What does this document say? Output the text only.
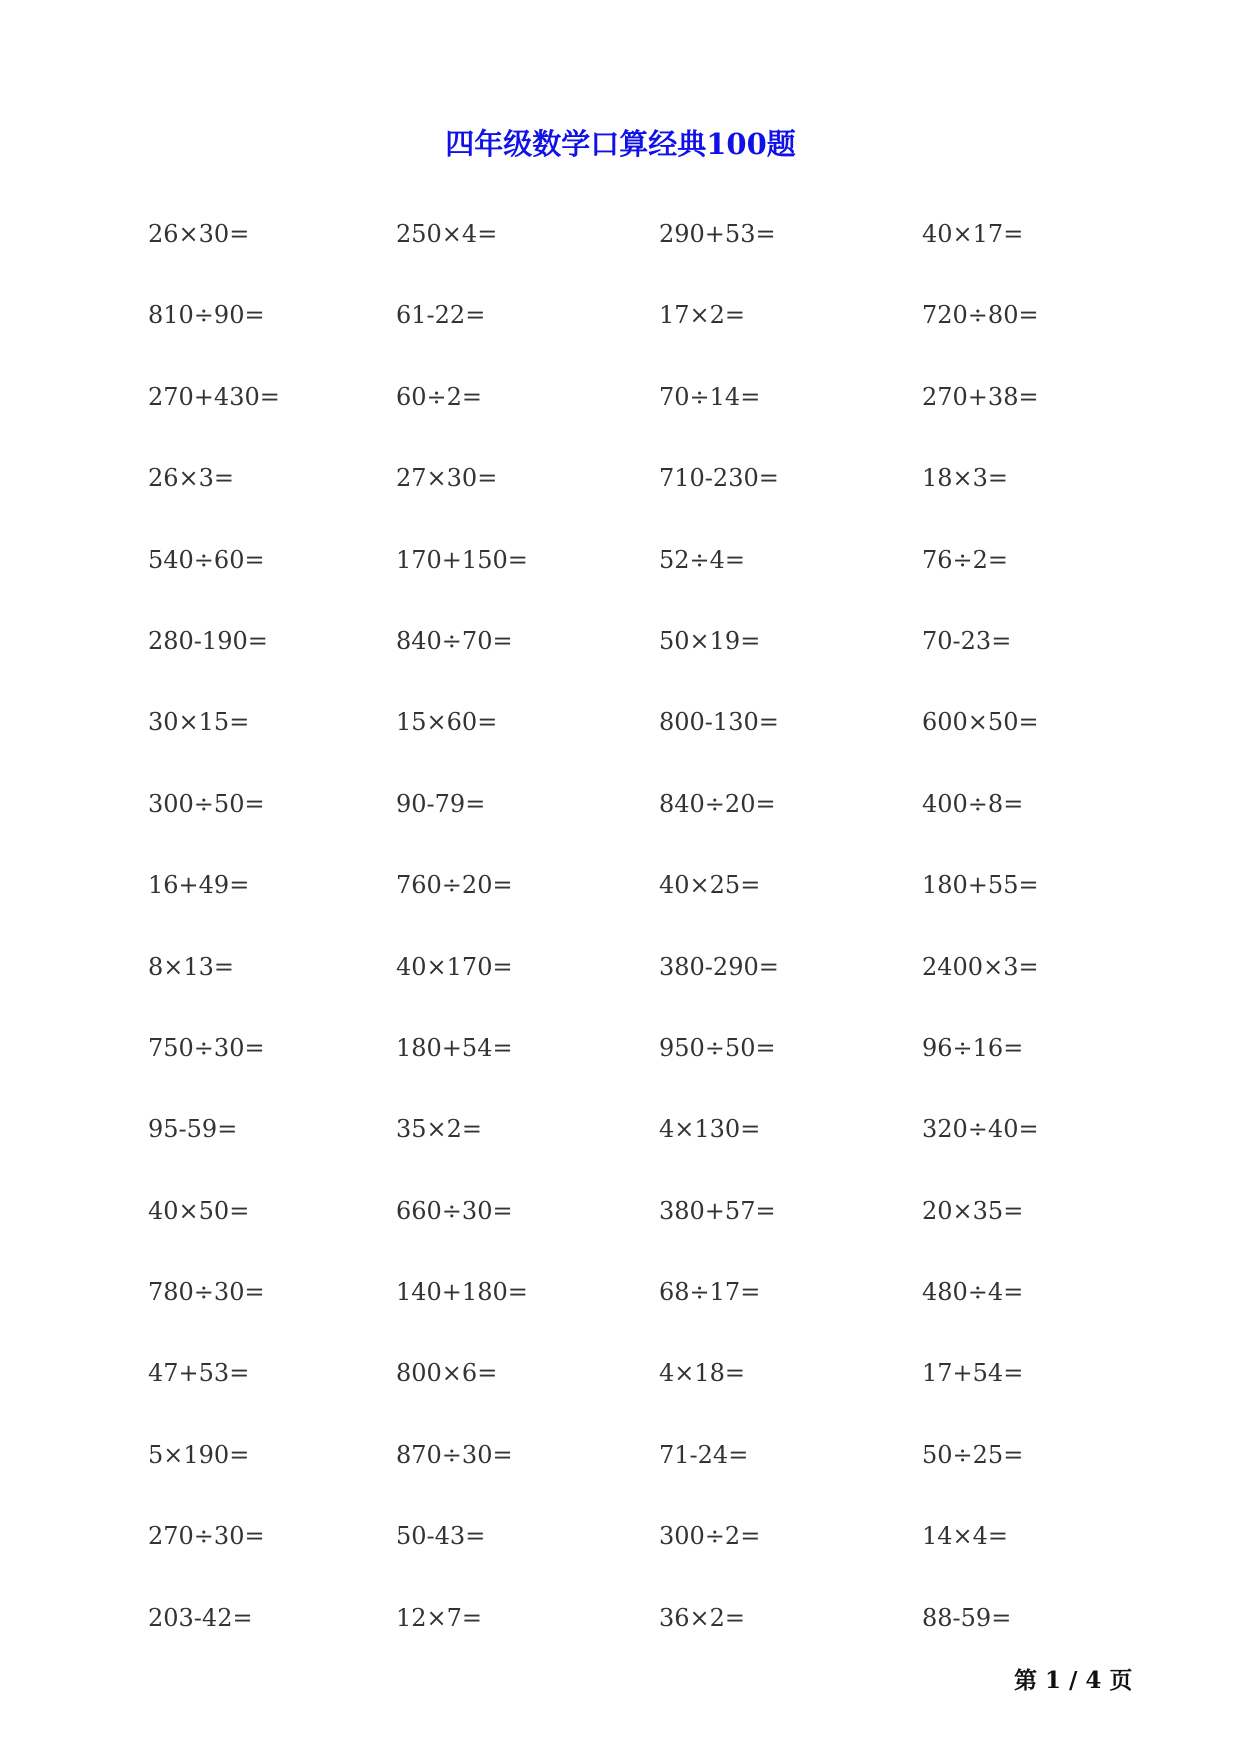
四年级数学口算经典100题
26×30=	250×4=	290+53=	40×17=
810÷90=	61-22=	17×2=	720÷80=
270+430=	60÷2=	70÷14=	270+38=
26×3=	27×30=	710-230=	18×3=
540÷60=	170+150=	52÷4=	76÷2=
280-190=	840÷70=	50×19=	70-23=
30×15=	15×60=	800-130=	600×50=
300÷50=	90-79=	840÷20=	400÷8=
16+49=	760÷20=	40×25=	180+55=
8×13=	40×170=	380-290=	2400×3=
750÷30=	180+54=	950÷50=	96÷16=
95-59=	35×2=	4×130=	320÷40=
40×50=	660÷30=	380+57=	20×35=
780÷30=	140+180=	68÷17=	480÷4=
47+53=	800×6=	4×18=	17+54=
5×190=	870÷30=	71-24=	50÷25=
270÷30=	50-43=	300÷2=	14×4=
203-42=	12×7=	36×2=	88-59=
第 1 / 4 页
